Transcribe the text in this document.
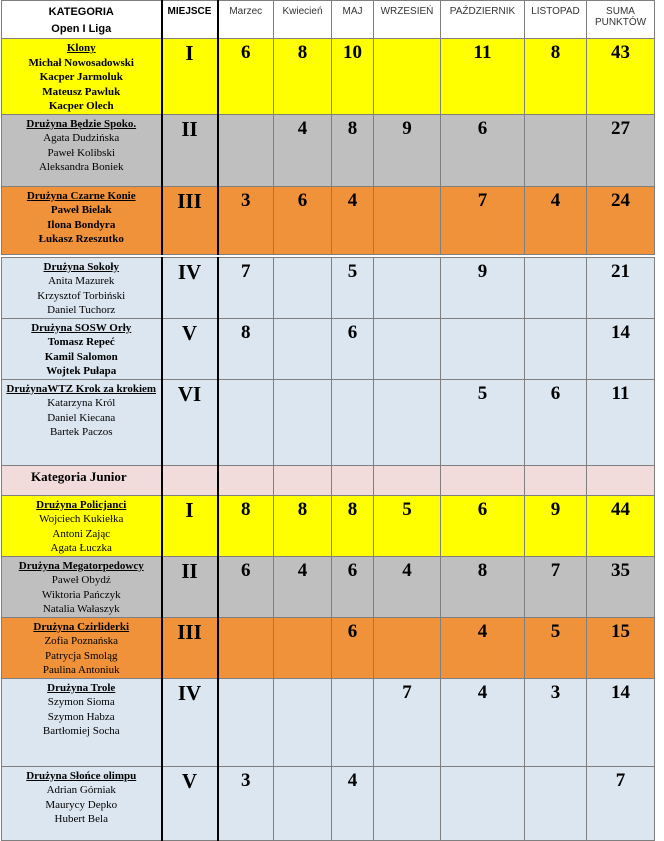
KATEGORIA
Open I Liga	MIEJSCE	Marzec	Kwiecień	MAJ	WRZESIEŃ	PAŹDZIERNIK	LISTOPAD	SUMA
PUNKTÓW

Klony
Michał Nowosadowski
Kacper Jarmoluk
Mateusz Pawluk
Kacper Olech	I	6	8	10		11	8	43

Drużyna Będzie Spoko.
Agata Dudzińska
Paweł Kolibski
Aleksandra Boniek	II		4	8	9	6		27

Drużyna Czarne Konie
Paweł Bielak
Ilona Bondyra
Łukasz Rzeszutko	III	3	6	4		7	4	24

Drużyna Sokoły
Anita Mazurek
Krzysztof Torbiński
Daniel Tuchorz	IV	7		5		9		21

Drużyna SOSW Orły
Tomasz Repeć
Kamil Salomon
Wojtek Pułapa	V	8		6				14

DrużynaWTZ Krok za krokiem
Katarzyna Król
Daniel Kiecana
Bartek Paczos	VI					5	6	11
Kategoria Junior								

Drużyna Policjanci
Wojciech Kukiełka
Antoni Zając
Agata Łuczka	I	8	8	8	5	6	9	44

Drużyna Megatorpedowcy
Paweł Obydź
Wiktoria Pańczyk
Natalia Wałaszyk	II	6	4	6	4	8	7	35

Drużyna Czirliderki
Zofia Poznańska
Patrycja Smoląg
Paulina Antoniuk	III			6		4	5	15

Drużyna Trole
Szymon Sioma
Szymon Habza
Bartłomiej Socha	IV				7	4	3	14

Drużyna Słońce olimpu
Adrian Górniak
Maurycy Depko
Hubert Bela	V	3		4				7
